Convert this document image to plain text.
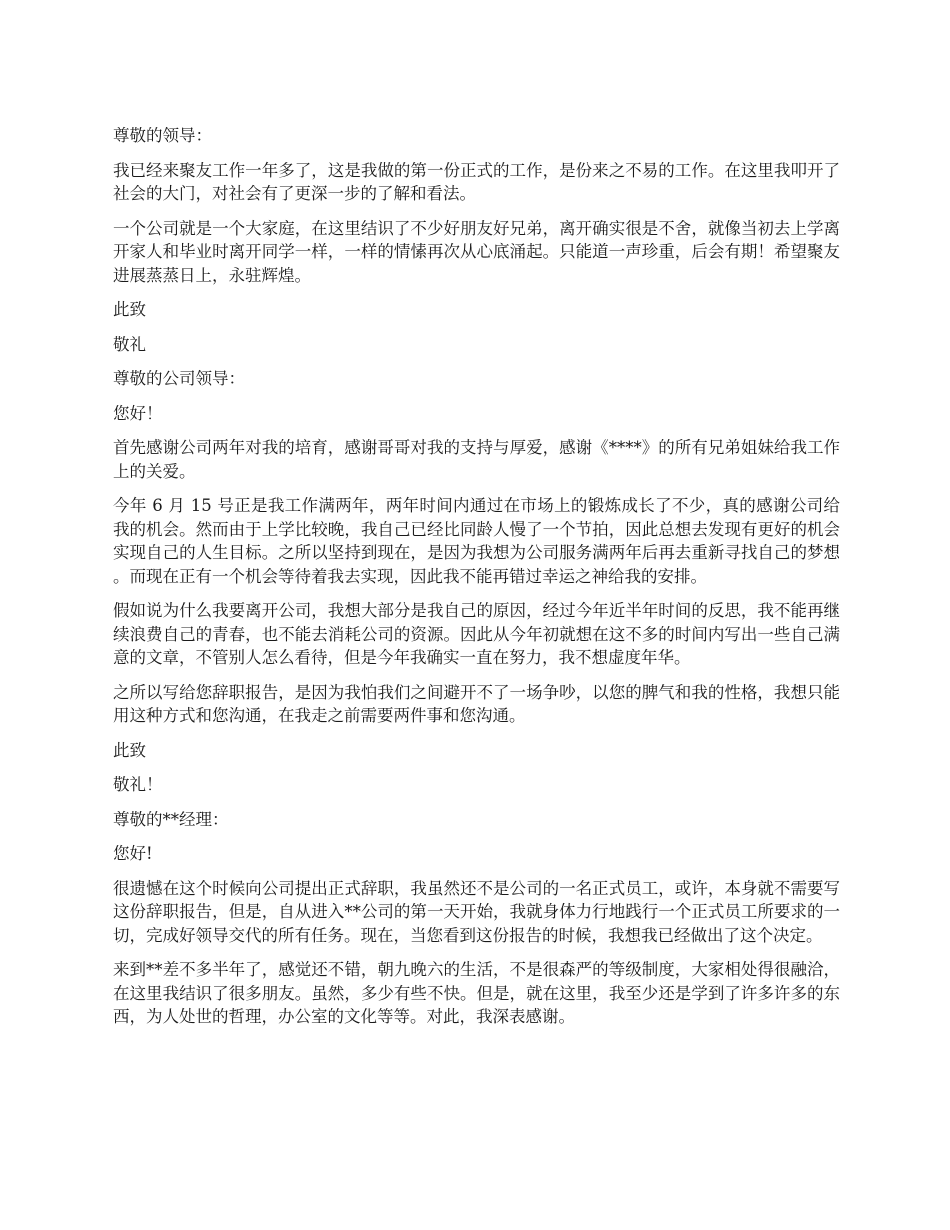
尊敬的领导：

我已经来聚友工作一年多了，这是我做的第一份正式的工作，是份来之不易的工作。在这里我叩开了社会的大门，对社会有了更深一步的了解和看法。

一个公司就是一个大家庭，在这里结识了不少好朋友好兄弟，离开确实很是不舍，就像当初去上学离开家人和毕业时离开同学一样，一样的情愫再次从心底涌起。只能道一声珍重，后会有期！希望聚友进展蒸蒸日上，永驻辉煌。

此致

敬礼

尊敬的公司领导：

您好！

首先感谢公司两年对我的培育，感谢哥哥对我的支持与厚爱，感谢《****》的所有兄弟姐妹给我工作上的关爱。

今年 6 月 15 号正是我工作满两年，两年时间内通过在市场上的锻炼成长了不少，真的感谢公司给我的机会。然而由于上学比较晚，我自己已经比同龄人慢了一个节拍，因此总想去发现有更好的机会实现自己的人生目标。之所以坚持到现在，是因为我想为公司服务满两年后再去重新寻找自己的梦想。而现在正有一个机会等待着我去实现，因此我不能再错过幸运之神给我的安排。

假如说为什么我要离开公司，我想大部分是我自己的原因，经过今年近半年时间的反思，我不能再继续浪费自己的青春，也不能去消耗公司的资源。因此从今年初就想在这不多的时间内写出一些自己满意的文章，不管别人怎么看待，但是今年我确实一直在努力，我不想虚度年华。

之所以写给您辞职报告，是因为我怕我们之间避开不了一场争吵，以您的脾气和我的性格，我想只能用这种方式和您沟通，在我走之前需要两件事和您沟通。

此致

敬礼！

尊敬的**经理：

您好!

很遗憾在这个时候向公司提出正式辞职，我虽然还不是公司的一名正式员工，或许，本身就不需要写这份辞职报告，但是，自从进入**公司的第一天开始，我就身体力行地践行一个正式员工所要求的一切，完成好领导交代的所有任务。现在，当您看到这份报告的时候，我想我已经做出了这个决定。

来到**差不多半年了，感觉还不错，朝九晚六的生活，不是很森严的等级制度，大家相处得很融洽，在这里我结识了很多朋友。虽然，多少有些不快。但是，就在这里，我至少还是学到了许多许多的东西，为人处世的哲理，办公室的文化等等。对此，我深表感谢。
